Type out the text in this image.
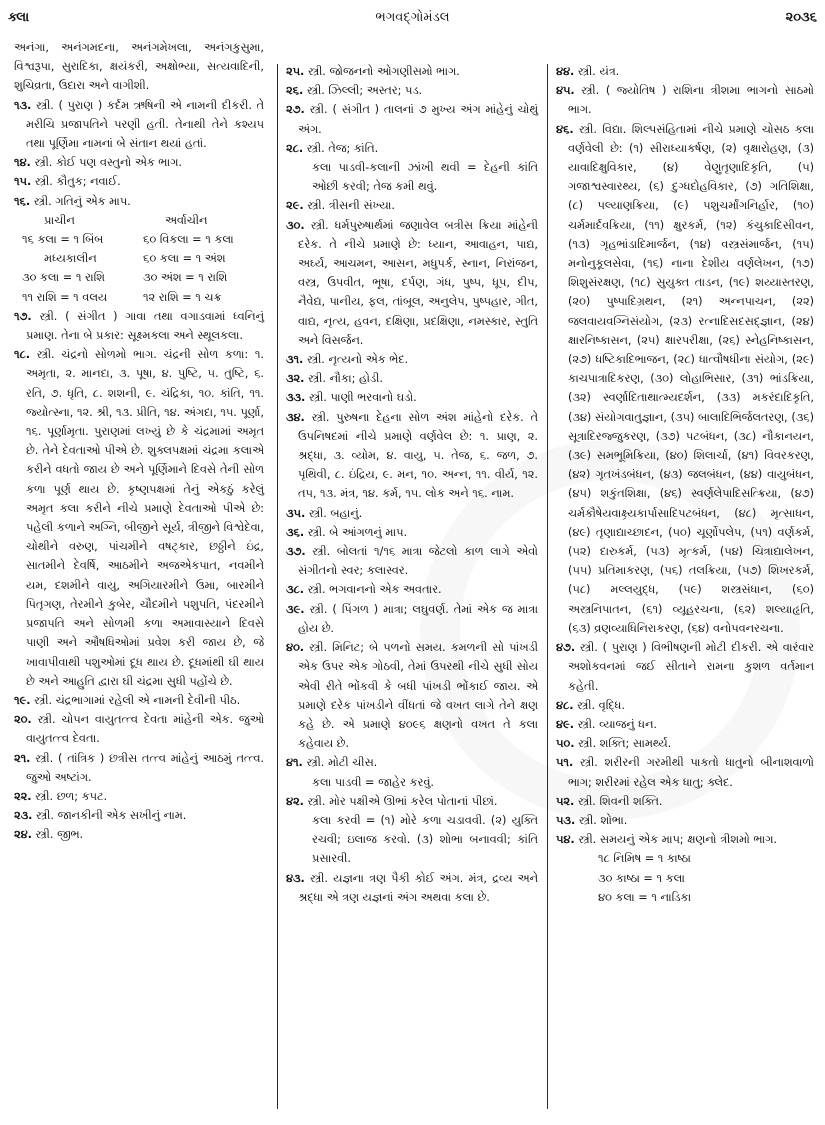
ક્લા	ભગવદ્ગોમંડલ	૨૦૩૬

અનંગા, અનંગમદના, અનંગમેખલા, અનંગકુસુમા, વિશ્વરૂપા, સુરાદિકા, ક્ષયંકરી, અક્ષોભ્યા, સત્યવાદિની, શુચિવ્રતા, ઉદારા અને વાગીશી.

૧૩. સ્ત્રી. ( પુરાણ ) કર્દમ ઋષિની એ નામની દીકરી. તે મરીચિ પ્રજાપતિને પરણી હતી. તેનાથી તેને કશ્યપ તથા પૂર્ણિમા નામનાં બે સંતાન થયાં હતાં.

૧૪. સ્ત્રી. કોઈ પણ વસ્તુનો એક ભાગ.

૧૫. સ્ત્રી. કૌતુક; નવાઈ.

૧૬. સ્ત્રી. ગતિનું એક માપ.

પ્રાચીન	અર્વાચીન
૧૬ કલા = ૧ બિંબ	૬૦ વિકલા = ૧ કલા
મધ્યકાલીન	૬૦ કલા = ૧ અંશ
૩૦ કલા = ૧ રાશિ	૩૦ અંશ = ૧ રાશિ
૧૧ રાશિ = ૧ વલય	૧૨ રાશિ = ૧ ચક્ર

૧૭. સ્ત્રી. ( સંગીત ) ગાવા તથા વગાડવામાં ધ્વનિનું પ્રમાણ. તેના બે પ્રકાર: સૂક્ષ્મકલા અને સ્થૂલકલા.

૧૮. સ્ત્રી. ચંદ્રનો સોળમો ભાગ. ચંદ્રની સોળ કળા: ૧. અમૃતા, ૨. માનદા, ૩. પૂષા, ૪. પુષ્ટિ, ૫. તુષ્ટિ, ૬. રતિ, ૭. ધૃતિ, ૮. શશની, ૯. ચંદ્રિકા, ૧૦. કાંતિ, ૧૧. જ્યોત્સ્ના, ૧૨. શ્રી, ૧૩. પ્રીતિ, ૧૪. અંગદા, ૧૫. પૂર્ણા, ૧૬. પૂર્ણામૃતા. પુરાણમાં લખ્યું છે કે ચંદ્રમામાં અમૃત છે. તેને દેવતાઓ પીએ છે. શુક્લપક્ષમાં ચંદ્રમા કલાએ કરીને વધતો જાય છે અને પૂર્ણિમાને દિવસે તેની સોળ કળા પૂર્ણ થાય છે. કૃષ્ણપક્ષમાં તેનું એકઠું કરેલું અમૃત કલા કરીને નીચે પ્રમાણે દેવતાઓ પીએ છે: પહેલી કળાને અગ્નિ, બીજીને સૂર્ય, ત્રીજીને વિશ્વેદેવા, ચોથીને વરુણ, પાંચમીને વષટ્કાર, છઠ્ઠીને ઇંદ્ર, સાતમીને દેવર્ષિ, આઠમીને અજએકપાત, નવમીને યમ, દશમીને વાયુ, અગિયારમીને ઉમા, બારમીને પિતૃગણ, તેરમીને કુબેર, ચૌદમીને પશુપતિ, પંદરમીને પ્રજાપતિ અને સોળમી કળા અમાવાસ્યાને દિવસે પાણી અને ઔષધિઓમાં પ્રવેશ કરી જાય છે, જે ખાવાપીવાથી પશુઓમાં દૂધ થાય છે. દૂધમાંથી ઘી થાય છે અને આહુતિ દ્વારા ઘી ચંદ્રમા સુધી પહોંચે છે.

૧૯. સ્ત્રી. ચંદ્રભાગામાં રહેલી એ નામની દેવીની પીઠ.

૨૦. સ્ત્રી. ચોપન વાયુતત્ત્વ દેવતા માંહેની એક. જુઓ વાયુતત્ત્વ દેવતા.

૨૧. સ્ત્રી. ( તાંત્રિક ) છત્રીસ તત્ત્વ માંહેનું આઠમું તત્ત્વ. જુઓ અષ્ટાંગ.

૨૨. સ્ત્રી. છળ; કપટ.

૨૩. સ્ત્રી. જાનકીની એક સખીનું નામ.

૨૪. સ્ત્રી. જીભ.

૨૫. સ્ત્રી. જોજનનો ઓગણીસમો ભાગ.

૨૬. સ્ત્રી. ઝિલ્લી; અસ્તર; પડ.

૨૭. સ્ત્રી. ( સંગીત ) તાલનાં ૭ મુખ્ય અંગ માંહેનું ચોથું અંગ.

૨૮. સ્ત્રી. તેજ; કાંતિ.
કલા પાડવી-કલાની ઝાંખી થવી = દેહની કાંતિ ઓછી કરવી; તેજ કમી થવું.

૨૯. સ્ત્રી. ત્રીસની સંખ્યા.

૩૦. સ્ત્રી. ધર્મપુરુષાર્થમાં જણાવેલ બત્રીસ ક્રિયા માંહેની દરેક. તે નીચે પ્રમાણે છે: ધ્યાન, આવાહન, પાદ્ય, અર્ઘ્ય, આચમન, આસન, મધુપર્ક, સ્નાન, નિરાંજન, વસ્ત્ર, ઉપવીત, ભૂષા, દર્પણ, ગંધ, પુષ્પ, ધૂપ, દીપ, નૈવેદ્ય, પાનીય, ફલ, તાંબૂલ, અનુલેપ, પુષ્પહાર, ગીત, વાદ્ય, નૃત્ય, હવન, દક્ષિણા, પ્રદક્ષિણા, નમસ્કાર, સ્તુતિ અને વિસર્જન.

૩૧. સ્ત્રી. નૃત્યનો એક ભેદ.

૩૨. સ્ત્રી. નૌકા; હોડી.

૩૩. સ્ત્રી. પાણી ભરવાનો ઘડો.

૩૪. સ્ત્રી. પુરુષના દેહના સોળ અંશ માંહેનો દરેક. તે ઉપનિષદમાં નીચે પ્રમાણે વર્ણવેલ છે: ૧. પ્રાણ, ૨. શ્રદ્ધા, ૩. વ્યોમ, ૪. વાયુ, ૫. તેજ, ૬. જળ, ૭. પૃથિવી, ૮. ઇંદ્રિય, ૯. મન, ૧૦. અન્ન, ૧૧. વીર્ય, ૧૨. તપ, ૧૩. મંત્ર, ૧૪. કર્મ, ૧૫. લોક અને ૧૬. નામ.

૩૫. સ્ત્રી. બહાનું.

૩૬. સ્ત્રી. બે આંગળનું માપ.

૩૭. સ્ત્રી. બોલતાં ૧/૧૬ માત્રા જેટલો કાળ લાગે એવો સંગીતનો સ્વર; કલાસ્વર.

૩૮. સ્ત્રી. ભગવાનનો એક અવતાર.

૩૯. સ્ત્રી. ( પિંગળ ) માત્રા; લઘુવર્ણ. તેમાં એક જ માત્રા હોય છે.

૪૦. સ્ત્રી. મિનિટ; બે પળનો સમય. કમળની સો પાંખડી એક ઉપર એક ગોઠવી, તેમાં ઉપરથી નીચે સુધી સોય એવી રીતે ભોંકવી કે બધી પાંખડી ભોંકાઈ જાય. એ પ્રમાણે દરેક પાંખડીને વીંધતાં જે વખત લાગે તેને ક્ષણ કહે છે. એ પ્રમાણે ૪૦૯૬ ક્ષણનો વખત તે કલા કહેવાય છે.

૪૧. સ્ત્રી. મોટી ચીસ.
કલા પાડવી = જાહેર કરવું.

૪૨. સ્ત્રી. મોર પક્ષીએ ઊભાં કરેલ પોતાનાં પીછાં.
કલા કરવી = (૧) મોરે કળા ચડાવવી. (૨) યુક્તિ રચવી; ઇલાજ કરવો. (૩) શોભા બનાવવી; કાંતિ પ્રસારવી.

૪૩. સ્ત્રી. યજ્ઞના ત્રણ પૈકી કોઈ અંગ. મંત્ર, દ્રવ્ય અને શ્રદ્ધા એ ત્રણ યજ્ઞનાં અંગ અથવા કલા છે.

૪૪. સ્ત્રી. યંત્ર.

૪૫. સ્ત્રી. ( જ્યોતિષ ) રાશિના ત્રીશમા ભાગનો સાઠમો ભાગ.

૪૬. સ્ત્રી. વિદ્યા. શિલ્પસંહિતામાં નીચે પ્રમાણે ચોસઠ કલા વર્ણવેલી છે: (૧) સીરાધ્યાકર્ષણ, (૨) વૃક્ષારોહણ, (૩) યાવાદિક્ષુવિકાર, (૪) વેણુતૃણાદિકૃતિ, (૫) ગજાશ્વસ્વારથ્ય, (૬) દુગ્ધદોહવિકાર, (૭) ગતિશિક્ષા, (૮) પલ્યાણક્રિયા, (૯) પશુચર્માંગનિર્હાર, (૧૦) ચર્મમાર્દવક્રિયા, (૧૧) ક્ષુરકર્મ, (૧૨) કંચુકાદિસીવન, (૧૩) ગૃહભાંડાદિમાર્જન, (૧૪) વસ્ત્રસંમાર્જન, (૧૫) મનોનુકૂલસેવા, (૧૬) નાના દેશીય વર્ણલેખન, (૧૭) શિશુસંરક્ષણ, (૧૮) સુયુક્ત તાડન, (૧૯) શય્યાસ્તરણ, (૨૦) પુષ્પાદિગ્રથન, (૨૧) અન્નપાચન, (૨૨) જલવાયવગ્નિસંયોગ, (૨૩) રત્નાદિસદસદ્જ્ઞાન, (૨૪) ક્ષારનિષ્કાસન, (૨૫) ક્ષારપરીક્ષા, (૨૬) સ્નેહનિષ્કાસન, (૨૭) ધષ્ટિકાદિભાજન, (૨૮) ધાત્વૌષધીના સંયોગ, (૨૯) કાચપાત્રાદિકરણ, (૩૦) લોહાભિસાર, (૩૧) ભાંડક્રિયા, (૩૨) સ્વર્ણાદિતાથાત્મ્યદર્શન, (૩૩) મકરંદાદિકૃતિ, (૩૪) સંયોગવાતુજ્ઞાન, (૩૫) બાલાદિભિર્જલતરણ, (૩૬) સૂત્રાદિરજ્જુકરણ, (૩૭) પટબંધન, (૩૮) નૌકાનયન, (૩૯) સમભૂમિક્રિયા, (૪૦) શિલાર્ચા, (૪૧) વિવરકરણ, (૪૨) ગૃતખંડબંધન, (૪૩) જલબંધન, (૪૪) વાયુબંધન, (૪૫) શકુંતશિક્ષા, (૪૬) સ્વર્ણલેપાદિસત્ક્રિયા, (૪૭) ચર્મકૌષેયવાક્ષ્ર્યકાર્પાસાદિપટબંધન, (૪૮) મૃત્સાધન, (૪૯) તૃણાદ્યાચ્છાદન, (૫૦) ચૂર્ણોપલેપ, (૫૧) વર્ણકર્મ, (૫૨) દારુકર્મ, (૫૩) મૃત્કર્મ, (૫૪) ચિત્રાદ્યાલેખન, (૫૫) પ્રતિમાકરણ, (૫૬) તલક્રિયા, (૫૭) શિખરકર્મ, (૫૮) મલ્લયુદ્ધ, (૫૯) શસ્ત્રસંધાન, (૬૦) અસ્ત્રનિપાતન, (૬૧) વ્યૂહરચના, (૬૨) શલ્યાહૃતિ, (૬૩) વ્રણવ્યાધિનિરાકરણ, (૬૪) વનોપવનરચના.

૪૭. સ્ત્રી. ( પુરાણ ) વિભીષણની મોટી દીકરી. એ વારંવાર અશોકવનમાં જઈ સીતાને રામના કુશળ વર્તમાન કહેતી.

૪૮. સ્ત્રી. વૃદ્ધિ.

૪૯. સ્ત્રી. વ્યાજનું ધન.

૫૦. સ્ત્રી. શક્તિ; સામર્થ્ય.

૫૧. સ્ત્રી. શરીરની ગરમીથી પાકતો ધાતુનો બીનાશવાળો ભાગ; શરીરમાં રહેલ એક ધાતુ; ક્લેદ.

૫૨. સ્ત્રી. શિવની શક્તિ.

૫૩. સ્ત્રી. શોભા.

૫૪. સ્ત્રી. સમયનું એક માપ; ક્ષણનો ત્રીશમો ભાગ.

૧૮ નિમિષ = ૧ કાષ્ઠા
૩૦ કાષ્ઠા = ૧ કલા
૪૦ કલા = ૧ નાડિકા
